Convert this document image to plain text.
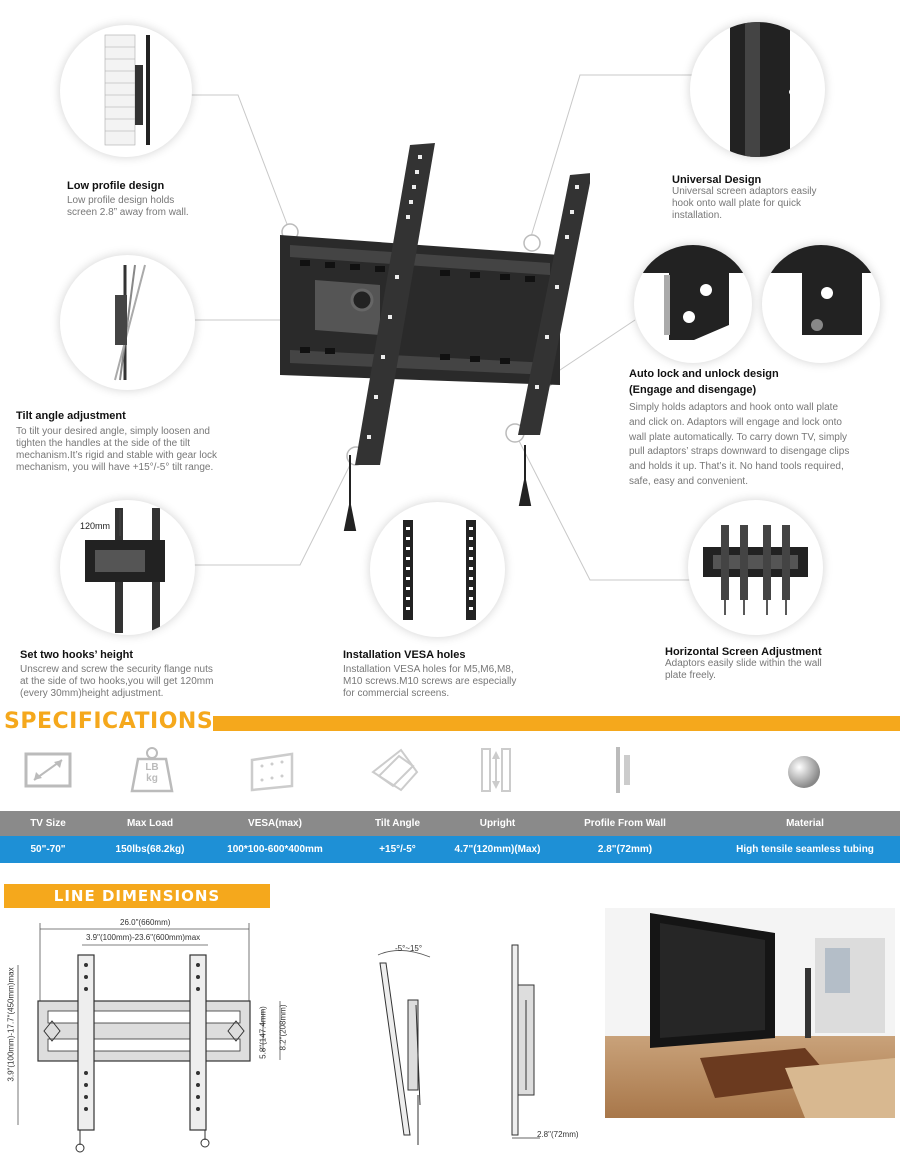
Low profile design
Low profile design holds
screen 2.8” away from wall.
Universal Design
Universal screen adaptors easily
hook onto wall plate for quick
installation.
Tilt angle adjustment
To tilt your desired angle, simply loosen and
tighten the handles at the side of the tilt
mechanism.It’s rigid and stable with gear lock
mechanism, you will have +15°/-5° tilt range.
Auto lock and unlock design
(Engage and disengage)
Simply holds adaptors and hook onto wall plate
and click on. Adaptors will engage and lock onto
wall plate automatically. To carry down TV, simply
pull adaptors’ straps downward to disengage clips
and holds it up. That’s it. No hand tools required,
safe, easy and convenient.
120mm
Set two hooks’ height
Unscrew and screw the security flange nuts
at the side of two hooks,you will get 120mm
(every 30mm)height adjustment.
Installation VESA holes
Installation VESA holes for M5,M6,M8,
M10 screws.M10 screws are especially
for commercial screens.
Horizontal Screen Adjustment
Adaptors easily slide within the wall
plate freely.
SPECIFICATIONS
LB
kg
TV Size	Max Load	VESA(max)	Tilt Angle	Upright	Profile From Wall	Material
50"-70"	150lbs(68.2kg)	100*100-600*400mm	+15°/-5°	4.7"(120mm)(Max)	2.8"(72mm)	High tensile seamless tubing
LINE DIMENSIONS
26.0"(660mm)
3.9"(100mm)-23.6"(600mm)max
3.9"(100mm)-17.7"(450mm)max	5.8"(147.4mm) 8.2"(208mm)
-5°~15°
2.8"(72mm)
